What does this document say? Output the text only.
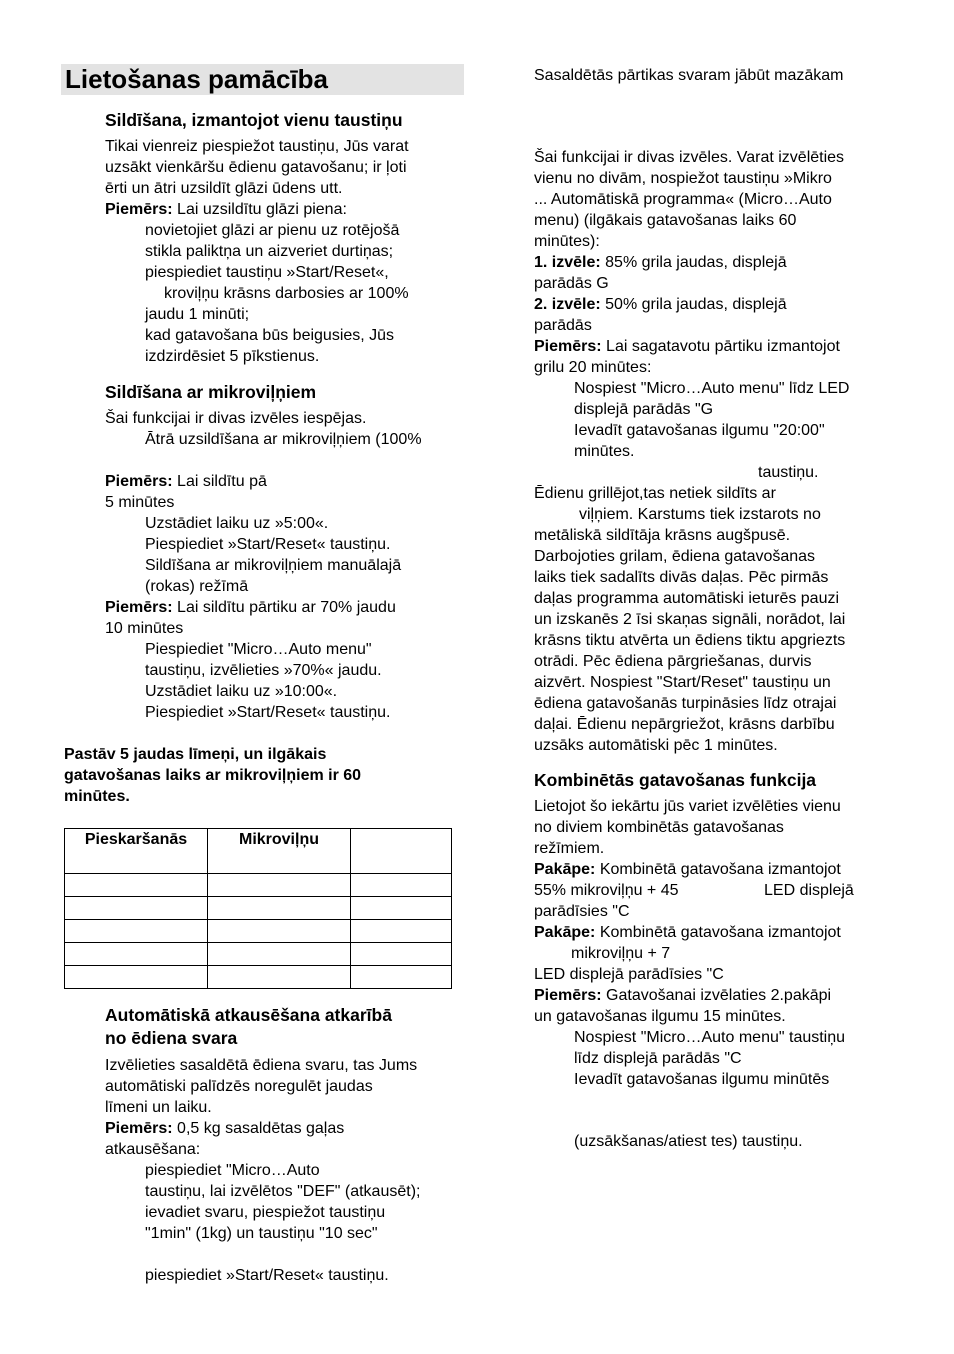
Lietošanas pamācība
Sildīšana, izmantojot vienu taustiņu
Tikai vienreiz piespiežot taustiņu, Jūs varat
uzsākt vienkāršu ēdienu gatavošanu; ir ļoti
ērti un ātri uzsildīt glāzi ūdens utt.
Piemērs: Lai uzsildītu glāzi piena:
novietojiet glāzi ar pienu uz rotējošā
stikla paliktņa un aizveriet durtiņas;
piespiediet taustiņu »Start/Reset«,
kroviļņu krāsns darbosies ar 100%
jaudu 1 minūti;
kad gatavošana būs beigusies, Jūs
izdzirdēsiet 5 pīkstienus.
Sildīšana ar mikroviļņiem
Šai funkcijai ir divas izvēles iespējas.
Ātrā uzsildīšana ar mikroviļņiem (100%
Piemērs: Lai sildītu pā
5 minūtes
Uzstādiet laiku uz »5:00«.
Piespiediet »Start/Reset« taustiņu.
Sildīšana ar mikroviļņiem manuālajā
(rokas) režīmā
Piemērs: Lai sildītu pārtiku ar 70% jaudu
10 minūtes
Piespiediet "Micro…Auto menu"
taustiņu, izvēlieties »70%« jaudu.
Uzstādiet laiku uz »10:00«.
Piespiediet »Start/Reset« taustiņu.
Pastāv 5 jaudas līmeņi, un ilgākais
gatavošanas laiks ar mikroviļņiem ir 60
minūtes.
Pieskaršanās	Mikroviļņu	

Automātiskā atkausēšana atkarībā
no ēdiena svara
Izvēlieties sasaldētā ēdiena svaru, tas Jums
automātiski palīdzēs noregulēt jaudas
līmeni un laiku.
Piemērs: 0,5 kg sasaldētas gaļas
atkausēšana:
piespiediet "Micro…Auto
taustiņu, lai izvēlētos "DEF" (atkausēt);
ievadiet svaru, piespiežot taustiņu
"1min" (1kg) un taustiņu "10 sec"
piespiediet »Start/Reset« taustiņu.
Sasaldētās pārtikas svaram jābūt mazākam
Šai funkcijai ir divas izvēles. Varat izvēlēties
vienu no divām, nospiežot taustiņu »Mikro
... Automātiskā programma« (Micro…Auto
menu) (ilgākais gatavošanas laiks 60
minūtes):
1. izvēle: 85% grila jaudas, displejā
parādās G
2. izvēle: 50% grila jaudas, displejā
parādās
Piemērs: Lai sagatavotu pārtiku izmantojot
grilu 20 minūtes:
Nospiest "Micro…Auto menu" līdz LED
displejā parādās "G
Ievadīt gatavošanas ilgumu "20:00"
minūtes.
taustiņu.
Ēdienu grillējot,tas netiek sildīts ar
viļņiem. Karstums tiek izstarots no
metāliskā sildītāja krāsns augšpusē.
Darbojoties grilam, ēdiena gatavošanas
laiks tiek sadalīts divās daļas. Pēc pirmās
daļas programma automātiski ieturēs pauzi
un izskanēs 2 īsi skaņas signāli, norādot, lai
krāsns tiktu atvērta un ēdiens tiktu apgriezts
otrādi. Pēc ēdiena pārgriešanas, durvis
aizvērt. Nospiest "Start/Reset" taustiņu un
ēdiena gatavošanās turpināsies līdz otrajai
daļai. Ēdienu nepārgriežot, krāsns darbību
uzsāks automātiski pēc 1 minūtes.
Kombinētās gatavošanas funkcija
Lietojot šo iekārtu jūs variet izvēlēties vienu
no diviem kombinētās gatavošanas
režīmiem.
Pakāpe: Kombinētā gatavošana izmantojot
55% mikroviļņu + 45	LED displejā
parādīsies "C
Pakāpe: Kombinētā gatavošana izmantojot
mikroviļņu + 7
LED displejā parādīsies "C
Piemērs: Gatavošanai izvēlaties 2.pakāpi
un gatavošanas ilgumu 15 minūtes.
Nospiest "Micro…Auto menu" taustiņu
līdz displejā parādās "C
Ievadīt gatavošanas ilgumu minūtēs
(uzsākšanas/atiest tes) taustiņu.
